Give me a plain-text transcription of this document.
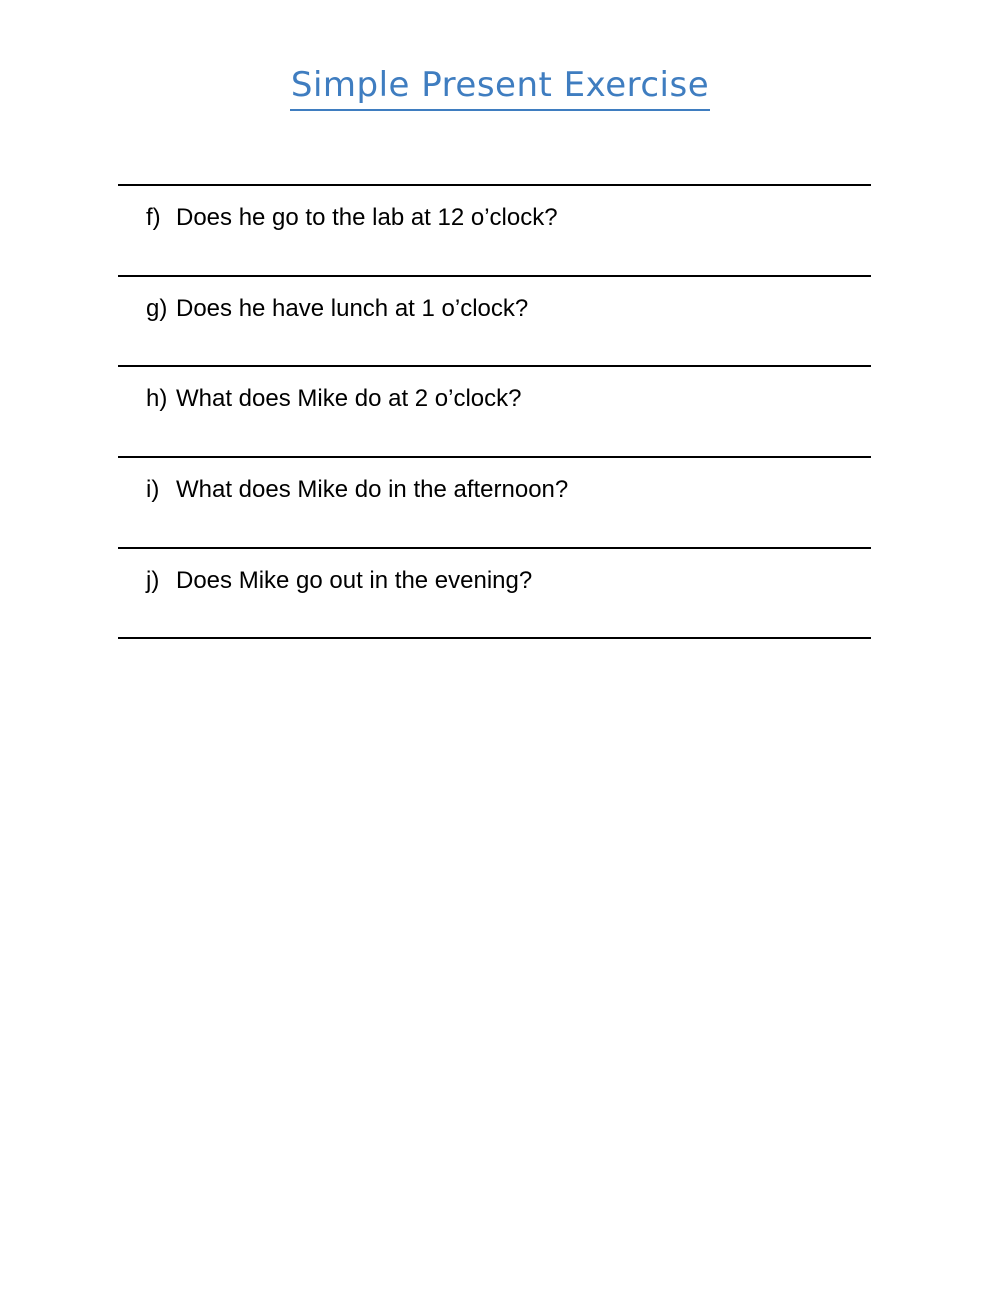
Simple Present Exercise
f) Does he go to the lab at 12 o’clock?
g) Does he have lunch at 1 o’clock?
h) What does Mike do at 2 o’clock?
i) What does Mike do in the afternoon?
j) Does Mike go out in the evening?
